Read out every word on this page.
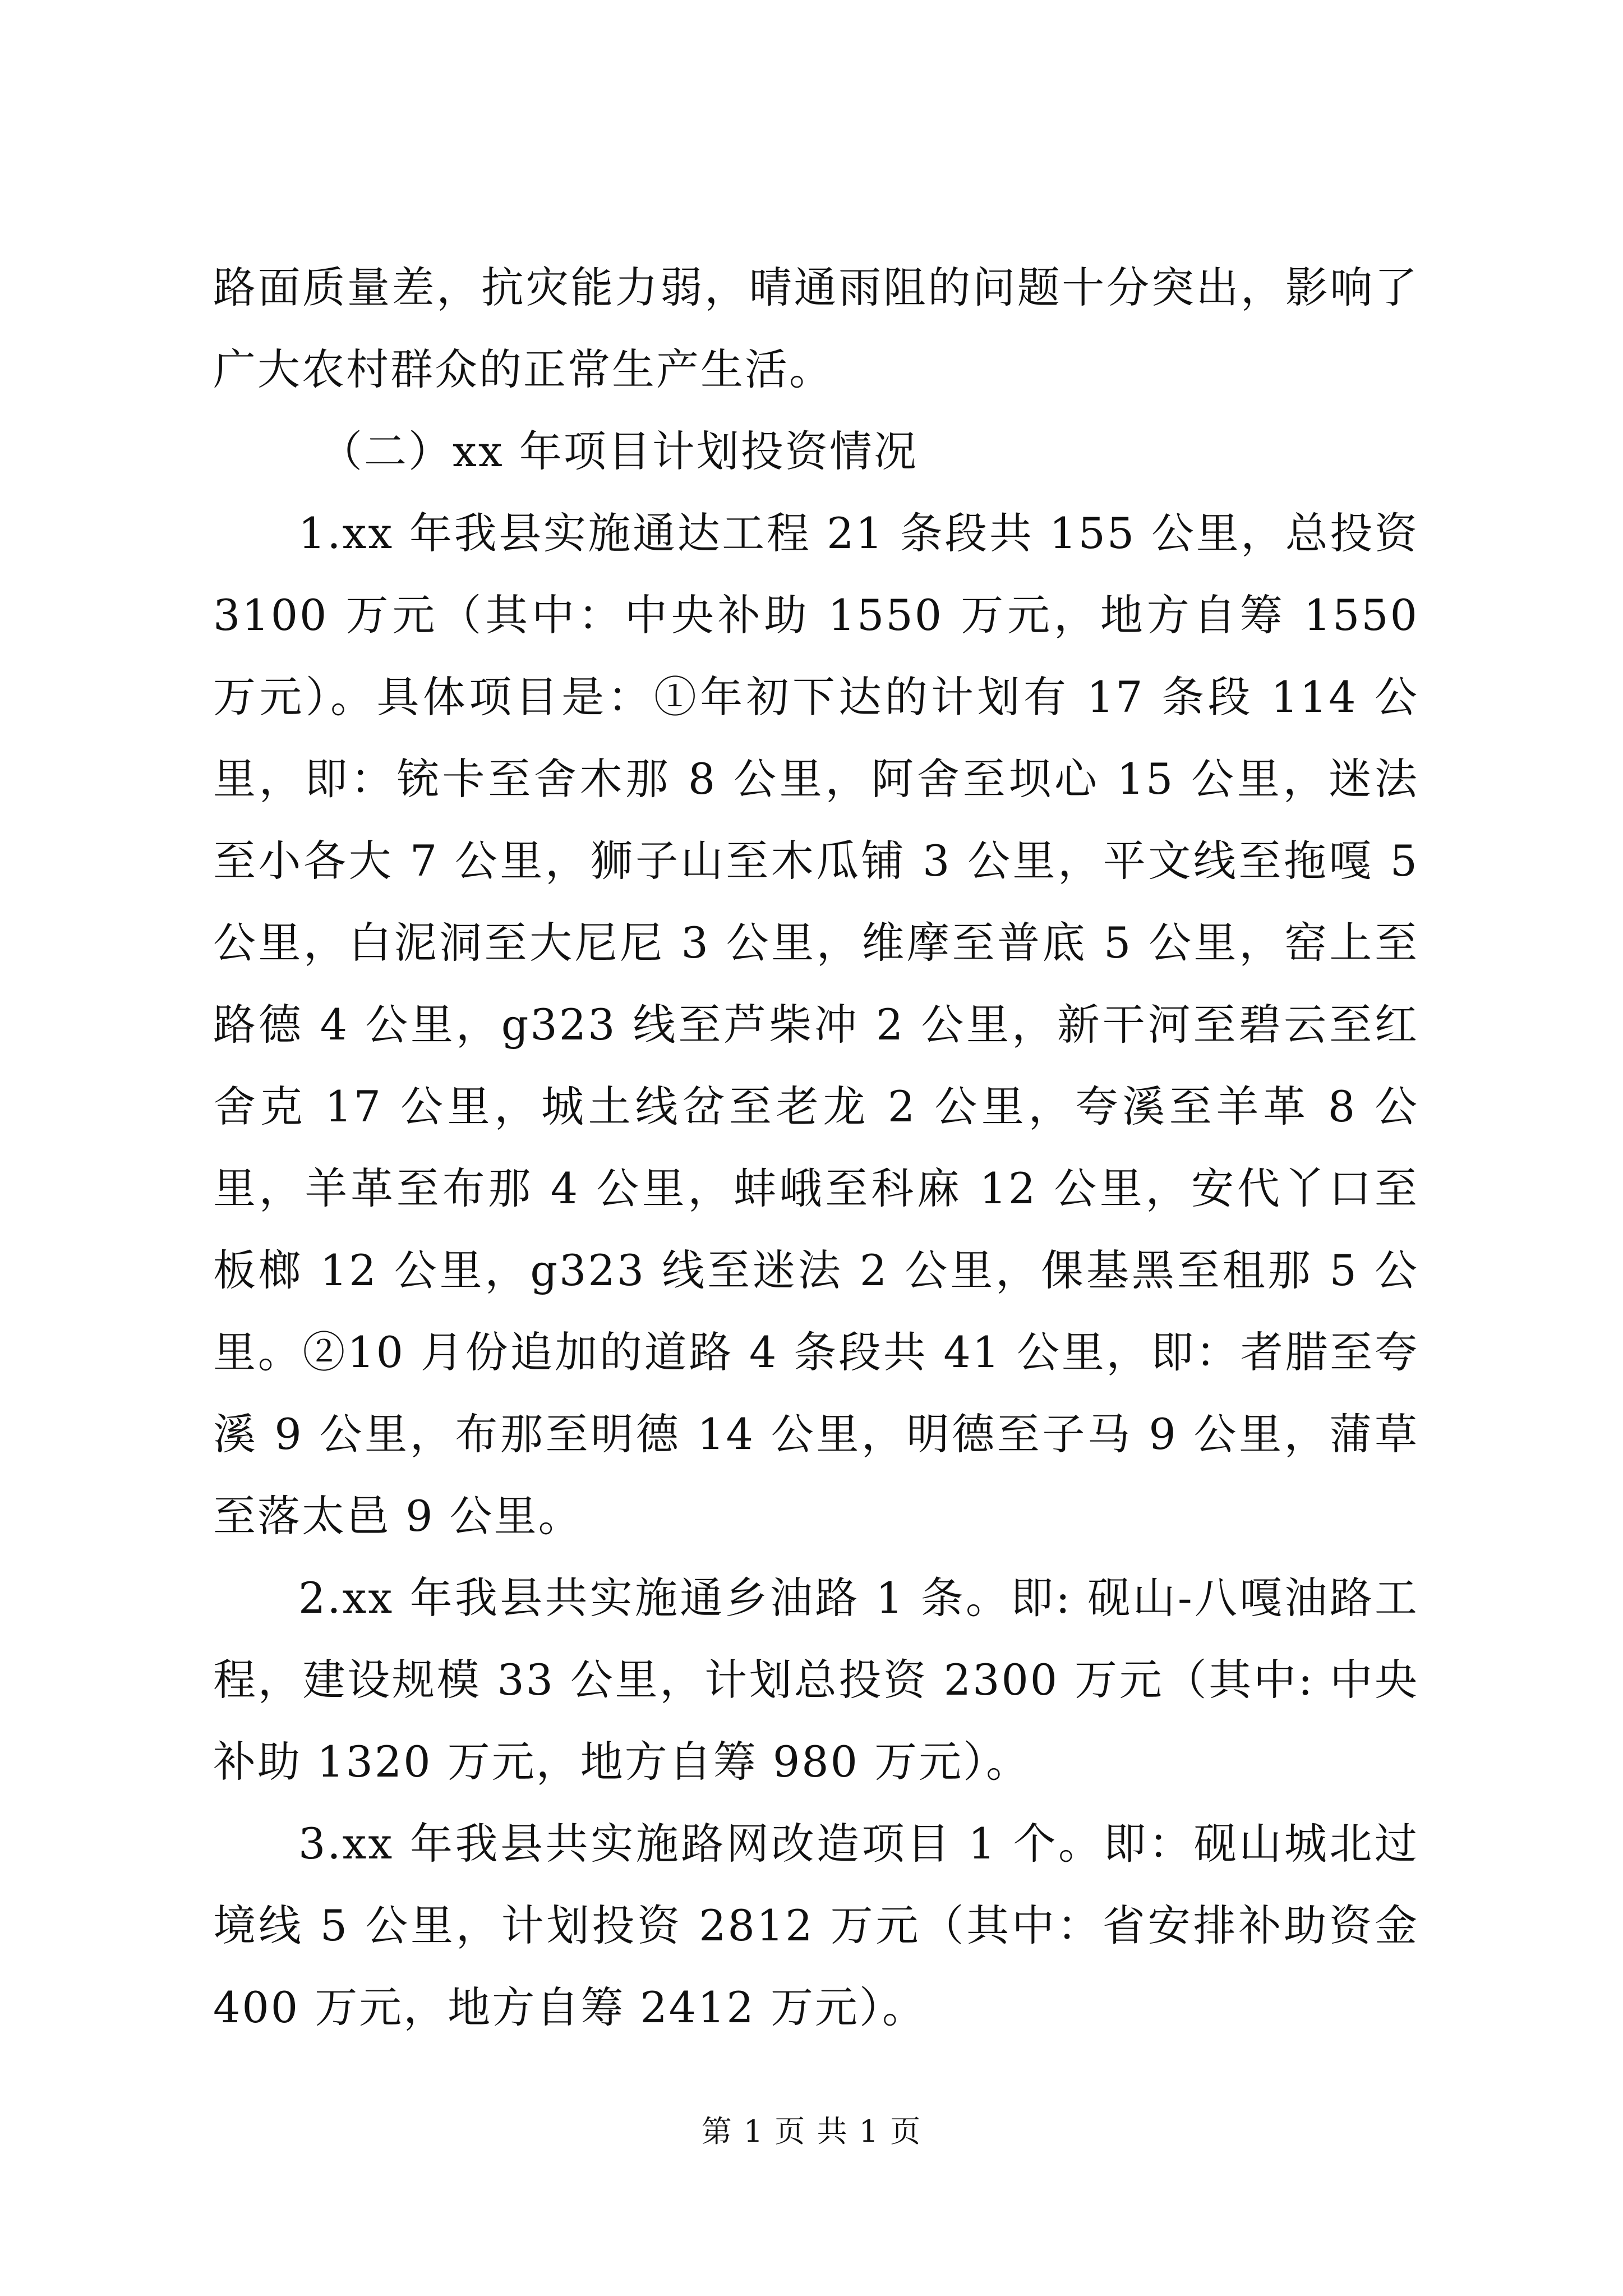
路面质量差，抗灾能力弱，晴通雨阻的问题十分突出，影响了广大农村群众的正常生产生活。

（二）xx 年项目计划投资情况

1.xx 年我县实施通达工程 21 条段共 155 公里，总投资 3100 万元（其中：中央补助 1550 万元，地方自筹 1550 万元）。具体项目是：①年初下达的计划有 17 条段 114 公里，即：铳卡至舍木那 8 公里，阿舍至坝心 15 公里，迷法至小各大 7 公里，狮子山至木瓜铺 3 公里，平文线至拖嘎 5 公里，白泥洞至大尼尼 3 公里，维摩至普底 5 公里，窑上至路德 4 公里，g323 线至芦柴冲 2 公里，新干河至碧云至红舍克 17 公里，城土线岔至老龙 2 公里，夸溪至羊革 8 公里，羊革至布那 4 公里，蚌峨至科麻 12 公里，安代丫口至板榔 12 公里，g323 线至迷法 2 公里，倮基黑至租那 5 公里。②10 月份追加的道路 4 条段共 41 公里，即：者腊至夸溪 9 公里，布那至明德 14 公里，明德至子马 9 公里，蒲草至落太邑 9 公里。

2.xx 年我县共实施通乡油路 1 条。即: 砚山-八嘎油路工程，建设规模 33 公里，计划总投资 2300 万元（其中: 中央补助 1320 万元，地方自筹 980 万元）。

3.xx 年我县共实施路网改造项目 1 个。即：砚山城北过境线 5 公里，计划投资 2812 万元（其中：省安排补助资金 400 万元，地方自筹 2412 万元）。

第 1 页 共 1 页
